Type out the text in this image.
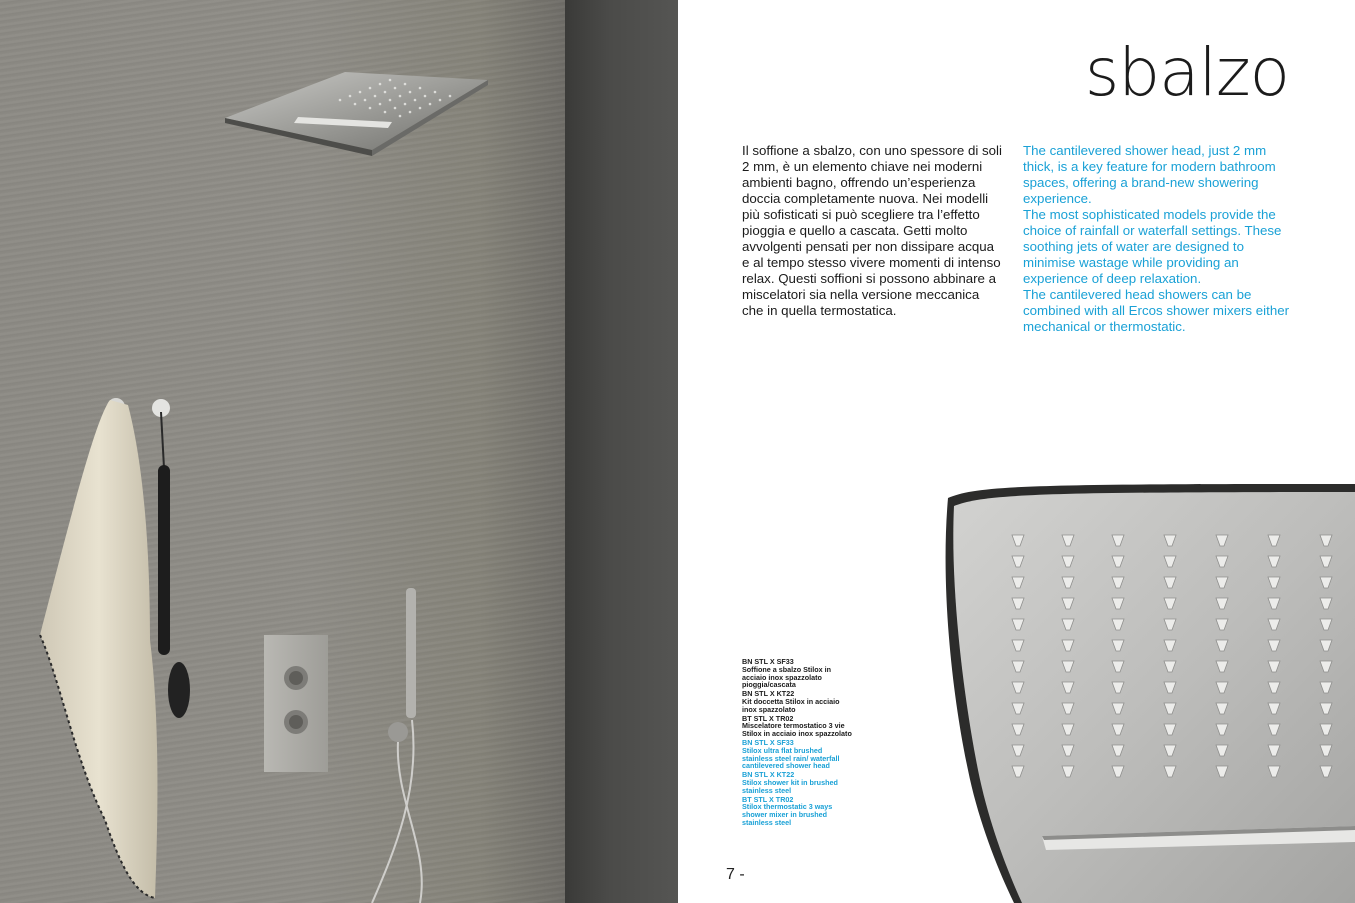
sbalzo

Il soffione a sbalzo, con uno spessore di soli 2 mm, è un elemento chiave nei moderni ambienti bagno, offrendo un’esperienza doccia completamente nuova. Nei modelli più sofisticati si può scegliere tra l’effetto pioggia e quello a cascata. Getti molto avvolgenti pensati per non dissipare acqua e al tempo stesso vivere momenti di intenso relax. Questi soffioni si possono abbinare a miscelatori sia nella versione meccanica che in quella termostatica.

The cantilevered shower head, just 2 mm thick, is a key feature for modern bathroom spaces, offering a brand-new showering experience.

The most sophisticated models provide the choice of rainfall or waterfall settings. These soothing jets of water are designed to minimise wastage while providing an experience of deep relaxation.

The cantilevered head showers can be combined with all Ercos shower mixers either mechanical or thermostatic.

BN STL X SF33
Soffione a sbalzo Stilox in acciaio inox spazzolato pioggia/cascata
BN STL X KT22
Kit doccetta Stilox in acciaio inox spazzolato
BT STL X TR02
Miscelatore termostatico 3 vie Stilox in acciaio inox spazzolato
BN STL X SF33
Stilox ultra flat brushed stainless steel rain/ waterfall cantilevered shower head
BN STL X KT22
Stilox shower kit in brushed stainless steel
BT STL X TR02
Stilox thermostatic 3 ways shower mixer in brushed stainless steel
7 -
